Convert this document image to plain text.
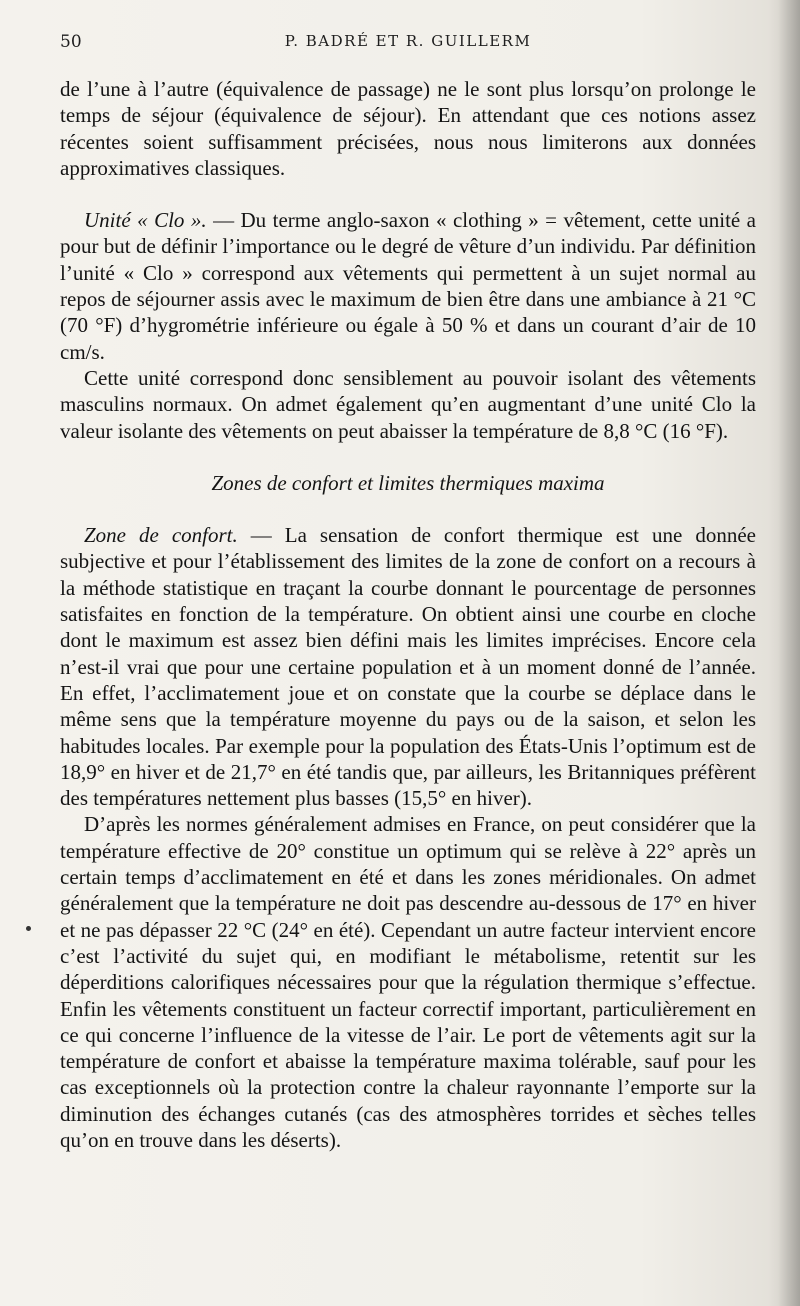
50	P. BADRÉ ET R. GUILLERM

de l’une à l’autre (équivalence de passage) ne le sont plus lorsqu’on prolonge le temps de séjour (équivalence de séjour). En attendant que ces notions assez récentes soient suffisamment précisées, nous nous limiterons aux données approximatives classiques.

Unité « Clo ». — Du terme anglo-saxon « clothing » = vêtement, cette unité a pour but de définir l’importance ou le degré de vêture d’un individu. Par définition l’unité « Clo » correspond aux vêtements qui permettent à un sujet normal au repos de séjourner assis avec le maximum de bien être dans une ambiance à 21 °C (70 °F) d’hygrométrie inférieure ou égale à 50 % et dans un courant d’air de 10 cm/s.

Cette unité correspond donc sensiblement au pouvoir isolant des vêtements masculins normaux. On admet également qu’en augmentant d’une unité Clo la valeur isolante des vêtements on peut abaisser la température de 8,8 °C (16 °F).

Zones de confort et limites thermiques maxima

Zone de confort. — La sensation de confort thermique est une donnée subjective et pour l’établissement des limites de la zone de confort on a recours à la méthode statistique en traçant la courbe donnant le pourcentage de personnes satisfaites en fonction de la température. On obtient ainsi une courbe en cloche dont le maximum est assez bien défini mais les limites imprécises. Encore cela n’est-il vrai que pour une certaine population et à un moment donné de l’année. En effet, l’acclimatement joue et on constate que la courbe se déplace dans le même sens que la température moyenne du pays ou de la saison, et selon les habitudes locales. Par exemple pour la population des États-Unis l’optimum est de 18,9° en hiver et de 21,7° en été tandis que, par ailleurs, les Britanniques préfèrent des températures nettement plus basses (15,5° en hiver).

D’après les normes généralement admises en France, on peut considérer que la température effective de 20° constitue un optimum qui se relève à 22° après un certain temps d’acclimatement en été et dans les zones méridionales. On admet généralement que la température ne doit pas descendre au-dessous de 17° en hiver et ne pas dépasser 22 °C (24° en été). Cependant un autre facteur intervient encore c’est l’activité du sujet qui, en modifiant le métabolisme, retentit sur les déperditions calorifiques nécessaires pour que la régulation thermique s’effectue. Enfin les vêtements constituent un facteur correctif important, particulièrement en ce qui concerne l’influence de la vitesse de l’air. Le port de vêtements agit sur la température de confort et abaisse la température maxima tolérable, sauf pour les cas exceptionnels où la protection contre la chaleur rayonnante l’emporte sur la diminution des échanges cutanés (cas des atmosphères torrides et sèches telles qu’on en trouve dans les déserts).
